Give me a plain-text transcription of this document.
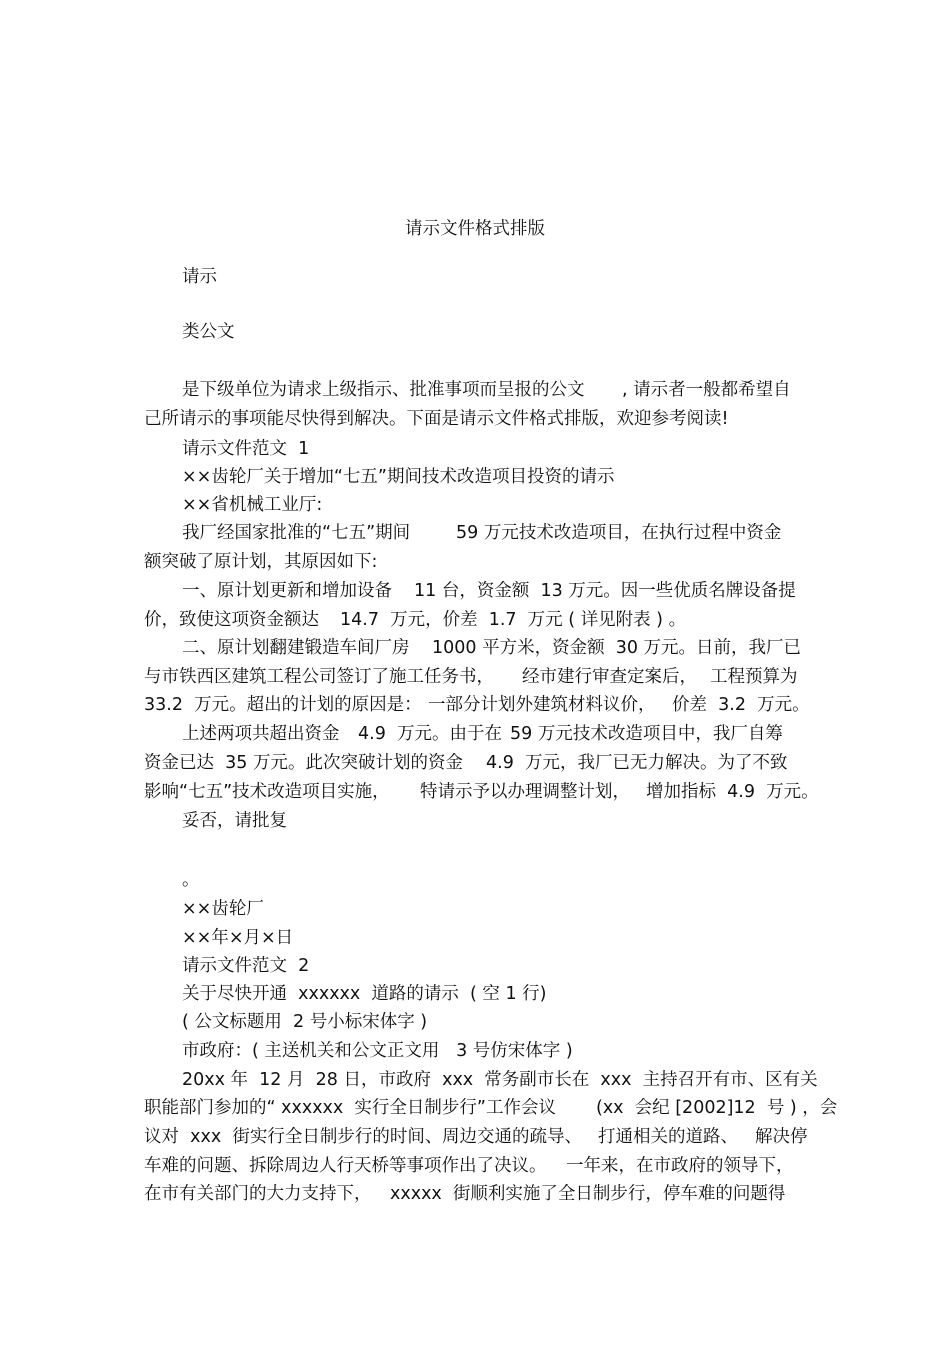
请示文件格式排版
请示
类公文

是下级单位为请求上级指示、批准事项而呈报的公文

, 请示者一般都希望自

己所请示的事项能尽快得到解决。下面是请示文件格式排版，欢迎参考阅读!
请示文件范文  1
××齿轮厂关于增加“七五”期间技术改造项目投资的请示
××省机械工业厅:

我厂经国家批准的“七五”期间

	59 万元技术改造项目，在执行过程中资金

额突破了原计划，其原因如下:

一、原计划更新和增加设备

11 台，资金额  13 万元。因一些优质名牌设备提

价，致使这项资金额达

14.7  万元，价差  1.7  万元 ( 详见附表 ) 。

二、原计划翻建锻造车间厂房

1000 平方米，资金额  30 万元。日前，我厂已

与市铁西区建筑工程公司签订了施工任务书，

经市建行审查定案后，

工程预算为

33.2  万元。超出的计划的原因是：

一部分计划外建筑材料议价，

价差  3.2  万元。

上述两项共超出资金

4.9  万元。由于在

59 万元技术改造项目中，我厂自筹

资金已达  35 万元。此次突破计划的资金

4.9  万元，我厂已无力解决。为了不致

影响“七五”技术改造项目实施，

特请示予以办理调整计划，

增加指标  4.9  万元。

妥否，请批复
。
××齿轮厂
××年×月×日
请示文件范文  2
关于尽快开通  xxxxxx  道路的请示  ( 空 1 行)
( 公文标题用  2 号小标宋体字 )
市政府：( 主送机关和公文正文用   3 号仿宋体字 )
20xx 年  12 月  28 日，市政府  xxx  常务副市长在  xxx  主持召开有市、区有关

职能部门参加的“ xxxxxx  实行全日制步行”工作会议

(xx  会纪 [2002]12  号 ) ，会

议对  xxx  街实行全日制步行的时间、

周边交通的疏导、

打通相关的道路、

解决停

车难的问题、拆除周边人行天桥等事项作出了决议。

一年来，在市政府的领导下，

在市有关部门的大力支持下，

xxxxx  街顺利实施了全日制步行，停车难的问题得
